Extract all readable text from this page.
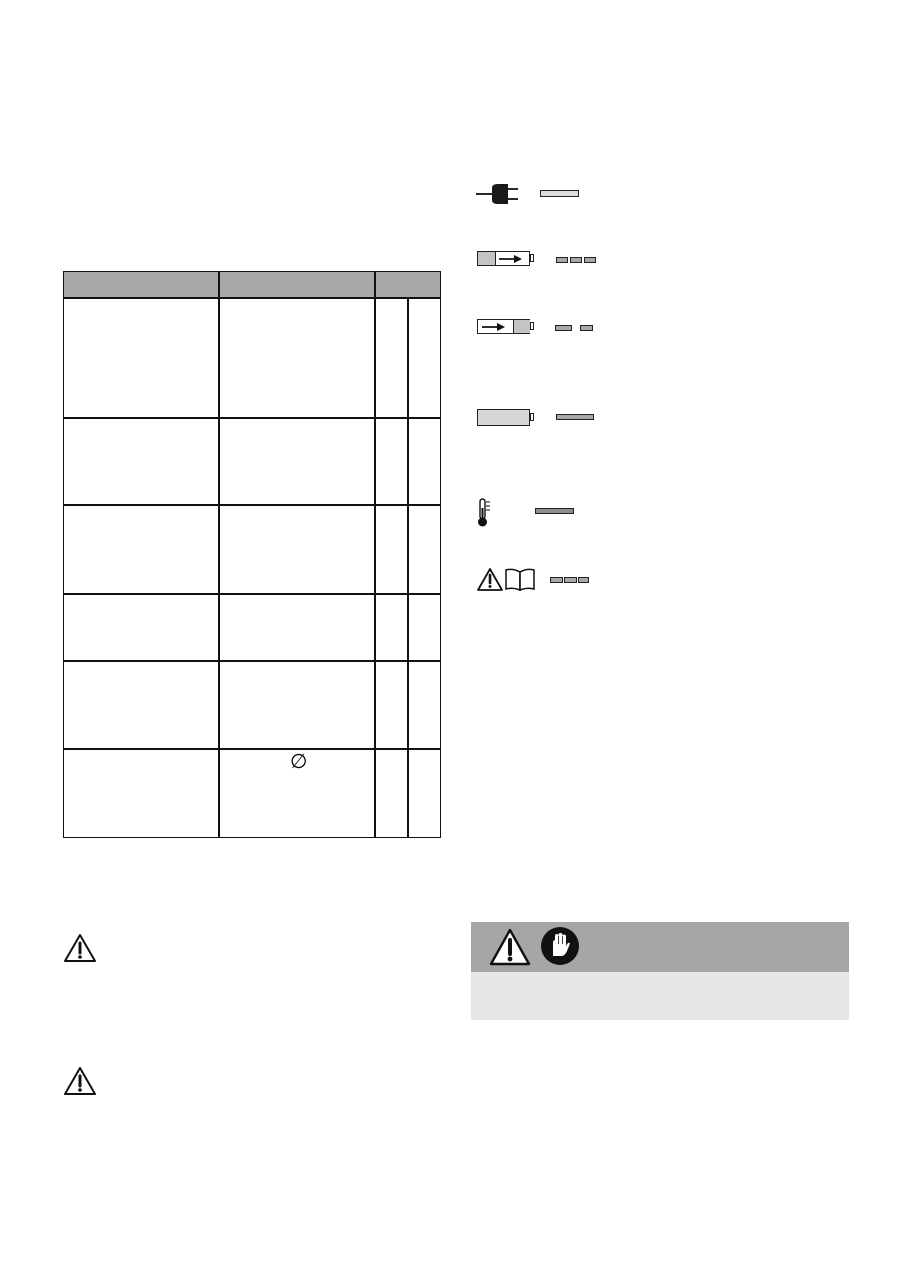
∅
